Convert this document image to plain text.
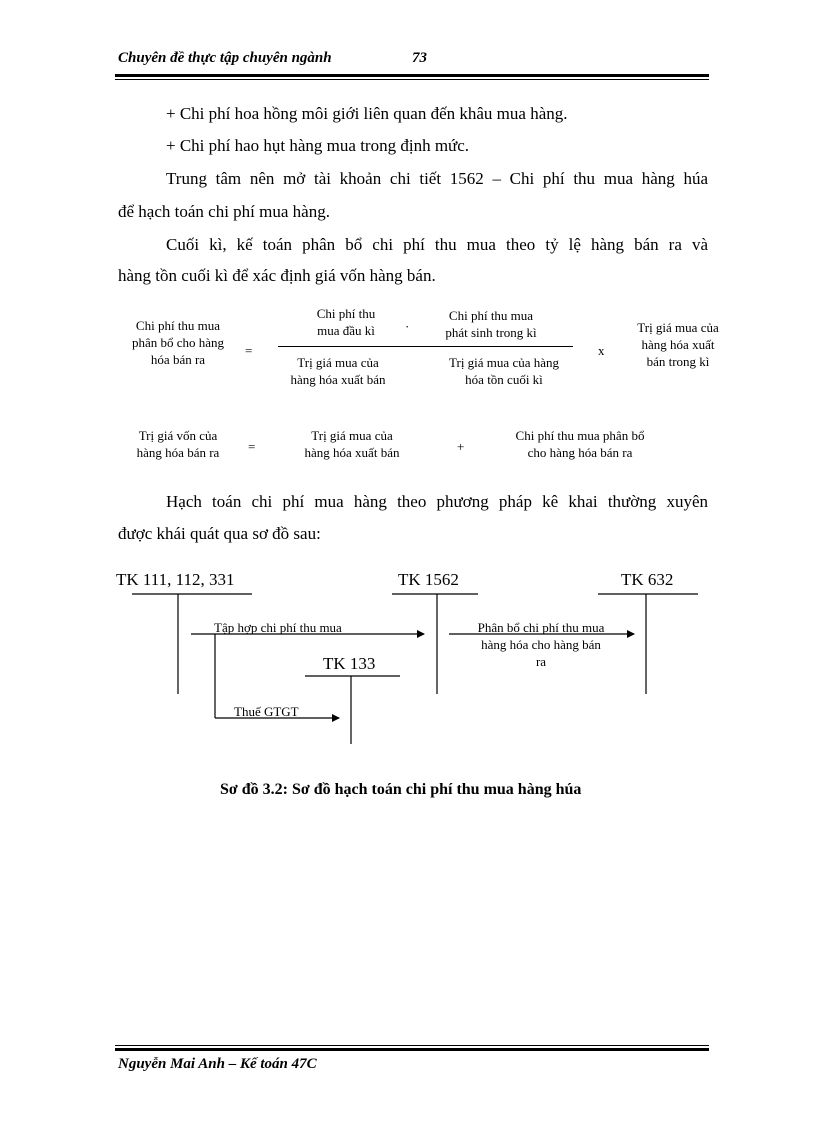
Chuyên đề thực tập chuyên ngành	73
+ Chi phí hoa hồng môi giới liên quan đến khâu mua hàng.
+ Chi phí hao hụt hàng mua trong định mức.
Trung tâm nên mở tài khoản chi tiết 1562 – Chi phí thu mua hàng húa
để hạch toán chi phí mua hàng.
Cuối kì, kế toán phân bổ chi phí thu mua theo tỷ lệ hàng bán ra và
hàng tồn cuối kì để xác định giá vốn hàng bán.
Chi phí thu mua
phân bổ cho hàng
hóa bán ra
=
Chi phí thu
mua đầu kì	·
Chi phí thu mua
phát sinh trong kì
Trị giá mua của
hàng hóa xuất bán
Trị giá mua của hàng
hóa tồn cuối kì
x
Trị giá mua của
hàng hóa xuất
bán trong kì
Trị giá vốn của
hàng hóa bán ra	=
Trị giá mua của
hàng hóa xuất bán	+
Chi phí thu mua phân bổ
cho hàng hóa bán ra
Hạch toán chi phí mua hàng theo phương pháp kê khai thường xuyên
được khái quát qua sơ đồ sau:
TK 111, 112, 331	TK 1562	TK 632
TK 133
Tập hợp chi phí thu mua	Phân bổ chi phí thu mua
hàng hóa cho hàng bán
ra
Thuế GTGT
Sơ đồ 3.2: Sơ đồ hạch toán chi phí thu mua hàng húa
Nguyễn Mai Anh – Kế toán 47C
